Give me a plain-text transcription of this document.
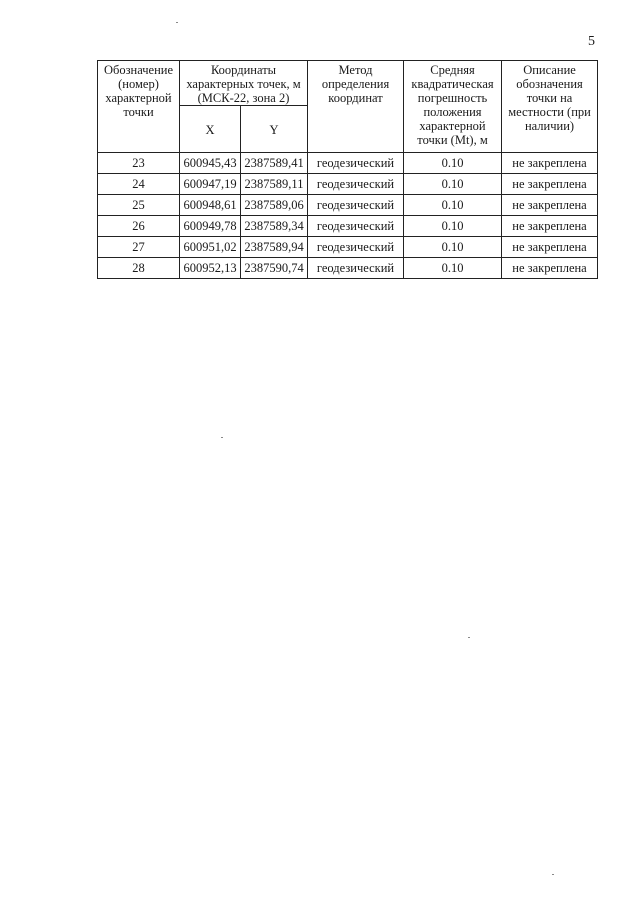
5
Обозначение (номер) характерной точки	Координаты характерных точек, м (МСК-22, зона 2)		Метод определения координат	Средняя квадратическая погрешность положения характерной точки (Mt), м	Описание обозначения точки на местности (при наличии)
	X	Y			
23	600945,43	2387589,41	геодезический	0.10	не закреплена
24	600947,19	2387589,11	геодезический	0.10	не закреплена
25	600948,61	2387589,06	геодезический	0.10	не закреплена
26	600949,78	2387589,34	геодезический	0.10	не закреплена
27	600951,02	2387589,94	геодезический	0.10	не закреплена
28	600952,13	2387590,74	геодезический	0.10	не закреплена
